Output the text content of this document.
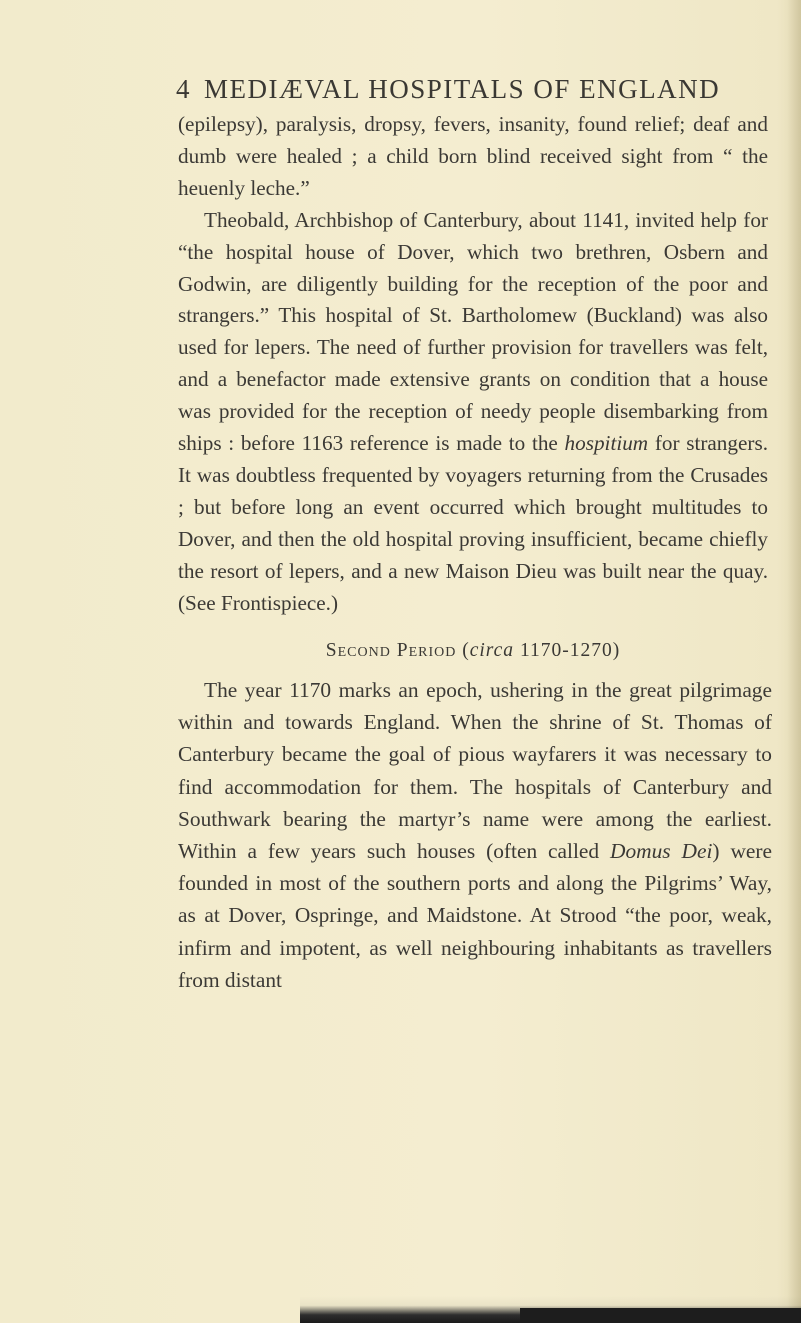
4 MEDIÆVAL HOSPITALS OF ENGLAND

(epilepsy), paralysis, dropsy, fevers, insanity, found relief; deaf and dumb were healed ; a child born blind received sight from “ the heuenly leche.”

Theobald, Archbishop of Canterbury, about 1141, invited help for “the hospital house of Dover, which two brethren, Osbern and Godwin, are diligently building for the reception of the poor and strangers.” This hospital of St. Bartholomew (Buckland) was also used for lepers. The need of further provision for travellers was felt, and a benefactor made extensive grants on condition that a house was provided for the reception of needy people disembarking from ships : before 1163 reference is made to the hospitium for strangers. It was doubtless frequented by voyagers returning from the Crusades ; but before long an event occurred which brought multitudes to Dover, and then the old hospital proving insufficient, became chiefly the resort of lepers, and a new Maison Dieu was built near the quay. (See Frontispiece.)

Second Period (circa 1170-1270)

The year 1170 marks an epoch, ushering in the great pilgrimage within and towards England. When the shrine of St. Thomas of Canterbury became the goal of pious wayfarers it was necessary to find accommodation for them. The hospitals of Canterbury and Southwark bearing the martyr’s name were among the earliest. Within a few years such houses (often called Domus Dei) were founded in most of the southern ports and along the Pilgrims’ Way, as at Dover, Ospringe, and Maidstone. At Strood “the poor, weak, infirm and impotent, as well neighbouring inhabitants as travellers from distant
